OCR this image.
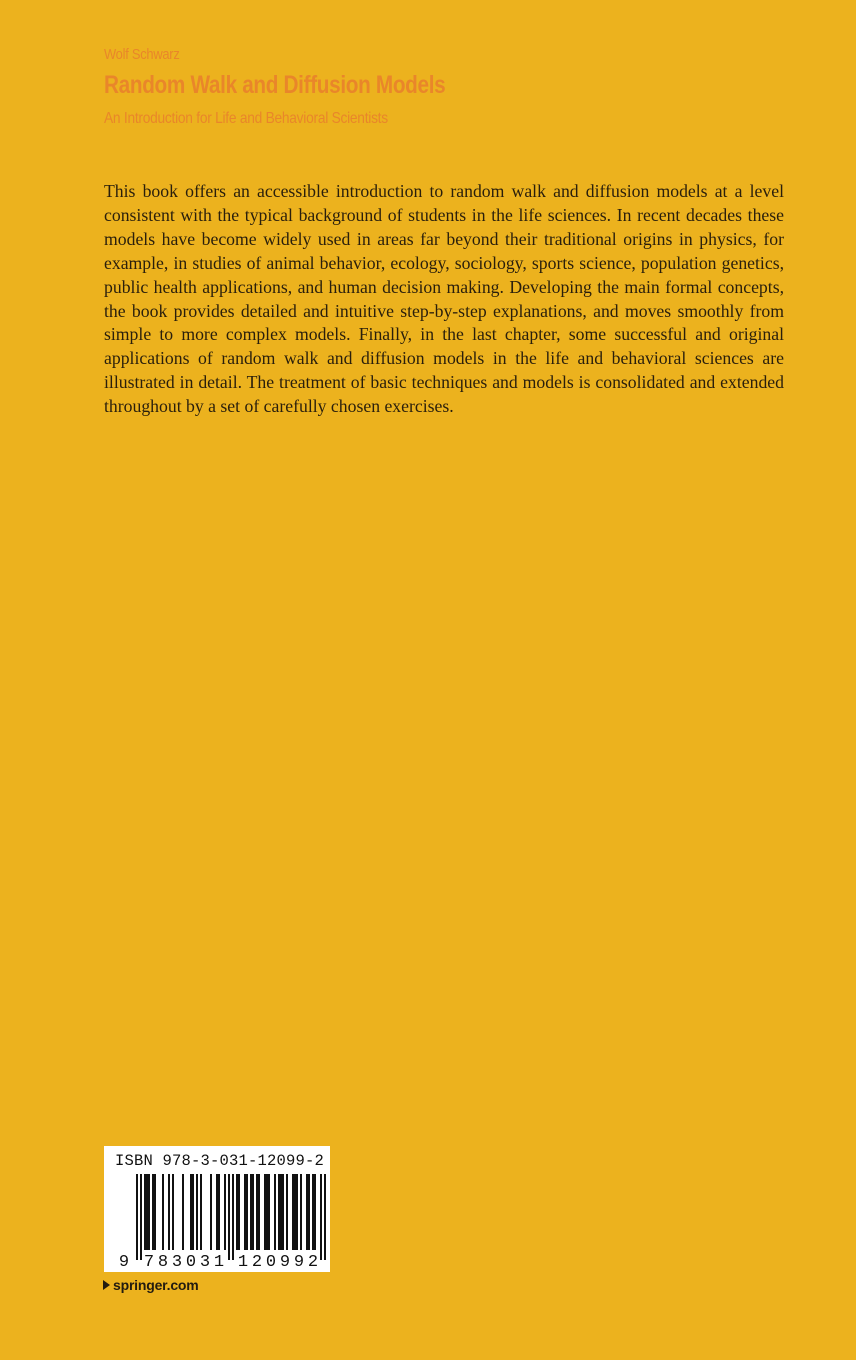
Wolf Schwarz
Random Walk and Diffusion Models
An Introduction for Life and Behavioral Scientists

This book offers an accessible introduction to random walk and diffusion models at a level consistent with the typical background of students in the life sciences. In recent decades these models have become widely used in areas far beyond their traditional origins in physics, for example, in studies of animal behavior, ecology, sociology, sports science, population genetics, public health applications, and human decision making. Developing the main formal concepts, the book provides detailed and intuitive step-by-step explanations, and moves smoothly from simple to more complex models. Finally, in the last chapter, some successful and original applications of random walk and diffusion models in the life and behavioral sciences are illustrated in detail. The treatment of basic techniques and models is consolidated and extended throughout by a set of carefully chosen exercises.

ISBN 978-3-031-12099-2
9 7 8 3 0 3 1 1 2 0 9 9 2
springer.com
